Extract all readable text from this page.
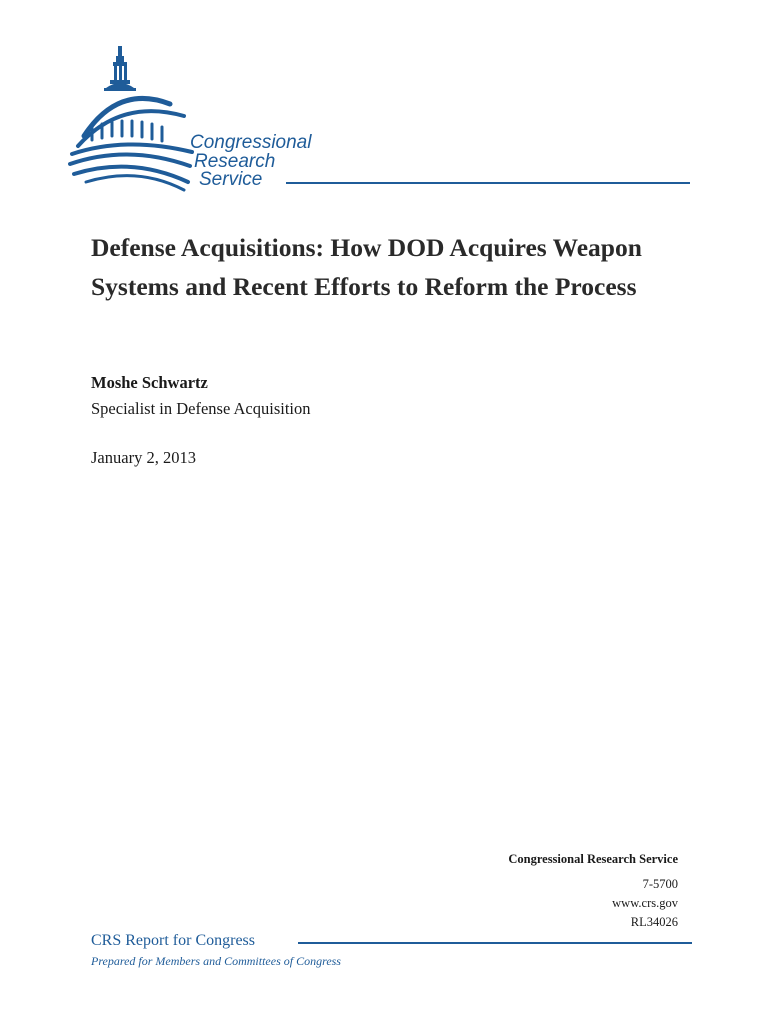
Congressional
Research
Service
Defense Acquisitions: How DOD Acquires Weapon Systems and Recent Efforts to Reform the Process
Moshe Schwartz
Specialist in Defense Acquisition
January 2, 2013
Congressional Research Service
7-5700
www.crs.gov
RL34026
CRS Report for Congress
Prepared for Members and Committees of Congress
